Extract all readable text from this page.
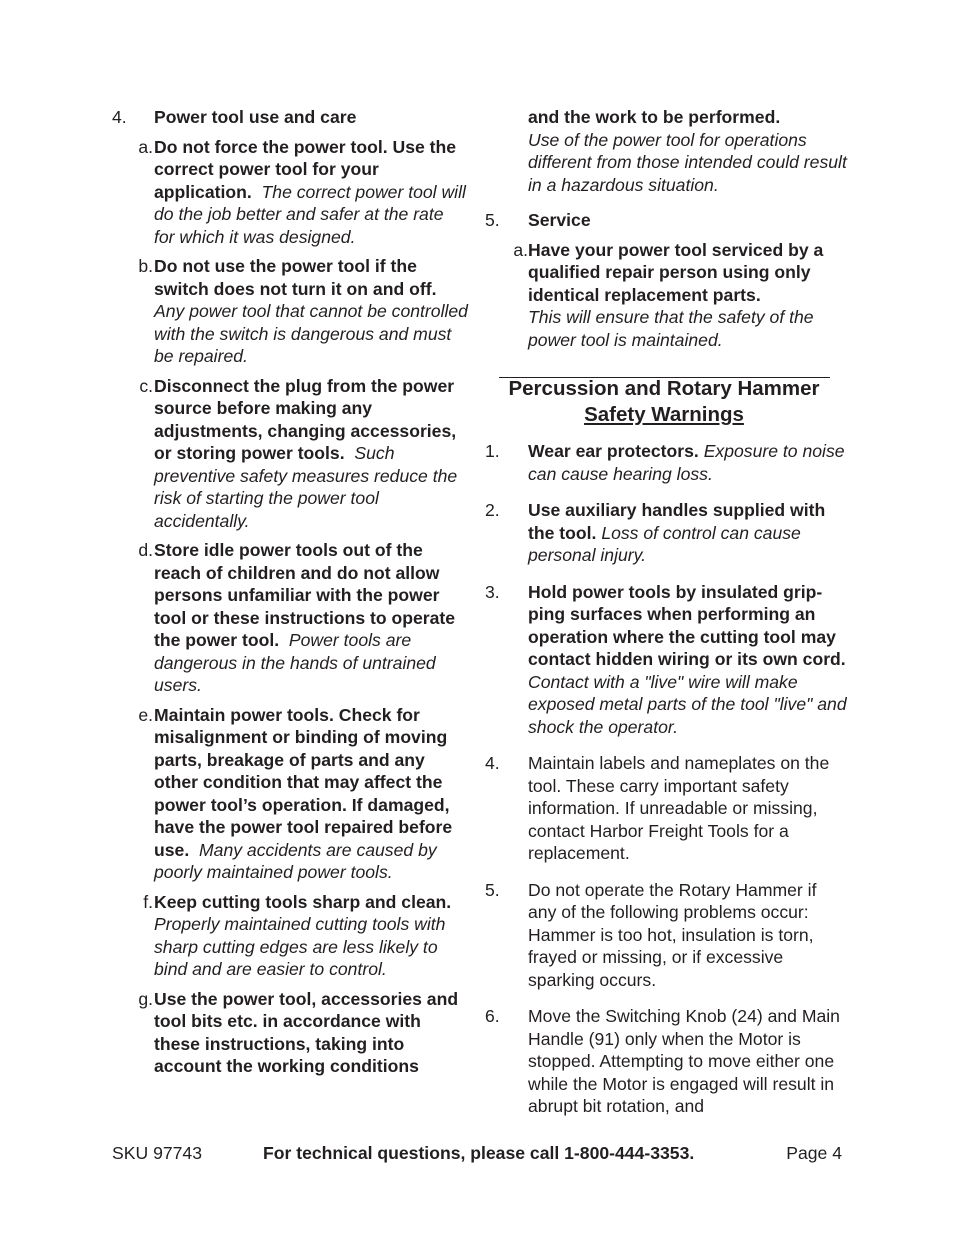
4. Power tool use and care
a. Do not force the power tool. Use the correct power tool for your application. The correct power tool will do the job better and safer at the rate for which it was designed.
b. Do not use the power tool if the switch does not turn it on and off.  Any power tool that cannot be controlled with the switch is dangerous and must be repaired.
c. Disconnect the plug from the power source before making any adjustments, changing accessories, or storing power tools. Such preventive safety measures reduce the risk of starting the power tool accidentally.
d. Store idle power tools out of the reach of children and do not allow persons unfamiliar with the power tool or these instructions to operate the power tool. Power tools are dangerous in the hands of untrained users.
e. Maintain power tools. Check for misalignment or binding of moving parts, breakage of parts and any other condition that may affect the power tool’s operation. If damaged, have the power tool repaired before use. Many accidents are caused by poorly maintained power tools.
f. Keep cutting tools sharp and clean.  Properly maintained cutting tools with sharp cutting edges are less likely to bind and are easier to control.
g. Use the power tool, accessories and tool bits etc. in accordance with these instructions, taking into account the working conditions
and the work to be performed.
Use of the power tool for operations different from those intended could result in a hazardous situation.
5. Service
a. Have your power tool serviced by a qualified repair person using only identical replacement parts.
This will ensure that the safety of the power tool is maintained.
Percussion and Rotary Hammer
Safety Warnings
1. Wear ear protectors. Exposure to noise can cause hearing loss.
2. Use auxiliary handles supplied with the tool. Loss of control can cause personal injury.
3. Hold power tools by insulated grip-ping surfaces when performing an operation where the cutting tool may contact hidden wiring or its own cord. Contact with a "live" wire will make exposed metal parts of the tool "live" and shock the operator.
4. Maintain labels and nameplates on the tool. These carry important safety information. If unreadable or missing, contact Harbor Freight Tools for a replacement.
5. Do not operate the Rotary Hammer if any of the following problems occur: Hammer is too hot, insulation is torn, frayed or missing, or if excessive sparking occurs.
6. Move the Switching Knob (24) and Main Handle (91) only when the Motor is stopped. Attempting to move either one while the Motor is engaged will result in abrupt bit rotation, and
SKU 97743	For technical questions, please call 1-800-444-3353.	Page 4
